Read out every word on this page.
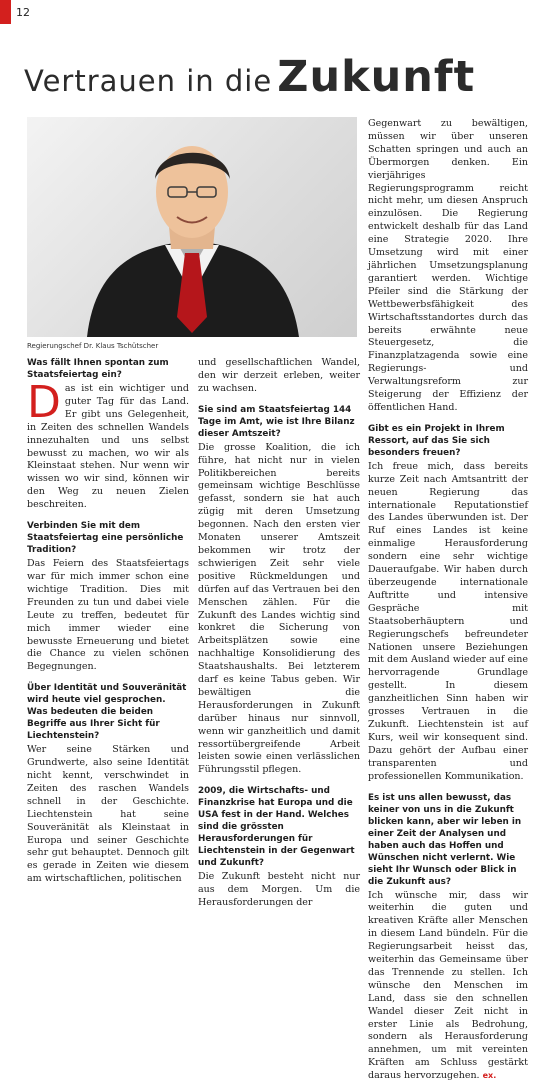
12
Vertrauen in die Zukunft
Regierungschef Dr. Klaus Tschütscher

Was fällt Ihnen spontan zum Staatsfeiertag ein?

Das ist ein wichtiger und guter Tag für das Land. Er gibt uns Gelegenheit, in Zeiten des schnellen Wandels innezuhalten und uns selbst bewusst zu machen, wo wir als Kleinstaat stehen. Nur wenn wir wissen wo wir sind, können wir den Weg zu neuen Zielen beschreiten.

Verbinden Sie mit dem Staatsfeiertag eine persönliche Tradition?

Das Feiern des Staatsfeiertags war für mich immer schon eine wichtige Tradition. Dies mit Freunden zu tun und dabei viele Leute zu treffen, bedeutet für mich immer wieder eine bewusste Erneuerung und bietet die Chance zu vielen schönen Begegnungen.

Über Identität und Souveränität wird heute viel gesprochen. Was bedeuten die beiden Begriffe aus Ihrer Sicht für Liechtenstein?

Wer seine Stärken und Grundwerte, also seine Identität nicht kennt, verschwindet in Zeiten des raschen Wandels schnell in der Geschichte. Liechtenstein hat seine Souveränität als Kleinstaat in Europa und seiner Geschichte sehr gut behauptet. Dennoch gilt es gerade in Zeiten wie diesem am wirtschaftlichen, politischen

und gesellschaftlichen Wandel, den wir derzeit erleben, weiter zu wachsen.

Sie sind am Staatsfeiertag 144 Tage im Amt, wie ist Ihre Bilanz dieser Amtszeit?

Die grosse Koalition, die ich führe, hat nicht nur in vielen Politikbereichen bereits gemeinsam wichtige Beschlüsse gefasst, sondern sie hat auch zügig mit deren Umsetzung begonnen. Nach den ersten vier Monaten unserer Amtszeit bekommen wir trotz der schwierigen Zeit sehr viele positive Rückmeldungen und dürfen auf das Vertrauen bei den Menschen zählen. Für die Zukunft des Landes wichtig sind konkret die Sicherung von Arbeitsplätzen sowie eine nachhaltige Konsolidierung des Staatshaushalts. Bei letzterem darf es keine Tabus geben. Wir bewältigen die Herausforderungen in Zukunft darüber hinaus nur sinnvoll, wenn wir ganzheitlich und damit ressortübergreifende Arbeit leisten sowie einen verlässlichen Führungsstil pflegen.

2009, die Wirtschafts- und Finanzkrise hat Europa und die USA fest in der Hand. Welches sind die grössten Herausforderungen für Liechtenstein in der Gegenwart und Zukunft?

Die Zukunft besteht nicht nur aus dem Morgen. Um die Herausforderungen der

Gegenwart zu bewältigen, müssen wir über unseren Schatten springen und auch an Übermorgen denken. Ein vierjähriges Regierungsprogramm reicht nicht mehr, um diesen Anspruch einzulösen. Die Regierung entwickelt deshalb für das Land eine Strategie 2020. Ihre Umsetzung wird mit einer jährlichen Umsetzungsplanung garantiert werden. Wichtige Pfeiler sind die Stärkung der Wettbewerbsfähigkeit des Wirtschaftsstandortes durch das bereits erwähnte neue Steuergesetz, die Finanzplatzagenda sowie eine Regierungs- und Verwaltungsreform zur Steigerung der Effizienz der öffentlichen Hand.

Gibt es ein Projekt in Ihrem Ressort, auf das Sie sich besonders freuen?

Ich freue mich, dass bereits kurze Zeit nach Amtsantritt der neuen Regierung das internationale Reputationstief des Landes überwunden ist. Der Ruf eines Landes ist keine einmalige Herausforderung sondern eine sehr wichtige Daueraufgabe. Wir haben durch überzeugende internationale Auftritte und intensive Gespräche mit Staatsoberhäuptern und Regierungschefs befreundeter Nationen unsere Beziehungen mit dem Ausland wieder auf eine hervorragende Grundlage gestellt. In diesem ganzheitlichen Sinn haben wir grosses Vertrauen in die Zukunft. Liechtenstein ist auf Kurs, weil wir konsequent sind. Dazu gehört der Aufbau einer transparenten und professionellen Kommunikation.

Es ist uns allen bewusst, das keiner von uns in die Zukunft blicken kann, aber wir leben in einer Zeit der Analysen und haben auch das Hoffen und Wünschen nicht verlernt. Wie sieht Ihr Wunsch oder Blick in die Zukunft aus?

Ich wünsche mir, dass wir weiterhin die guten und kreativen Kräfte aller Menschen in diesem Land bündeln. Für die Regierungsarbeit heisst das, weiterhin das Gemeinsame über das Trennende zu stellen. Ich wünsche den Menschen im Land, dass sie den schnellen Wandel dieser Zeit nicht in erster Linie als Bedrohung, sondern als Herausforderung annehmen, um mit vereinten Kräften am Schluss gestärkt daraus hervorzugehen. ex.
